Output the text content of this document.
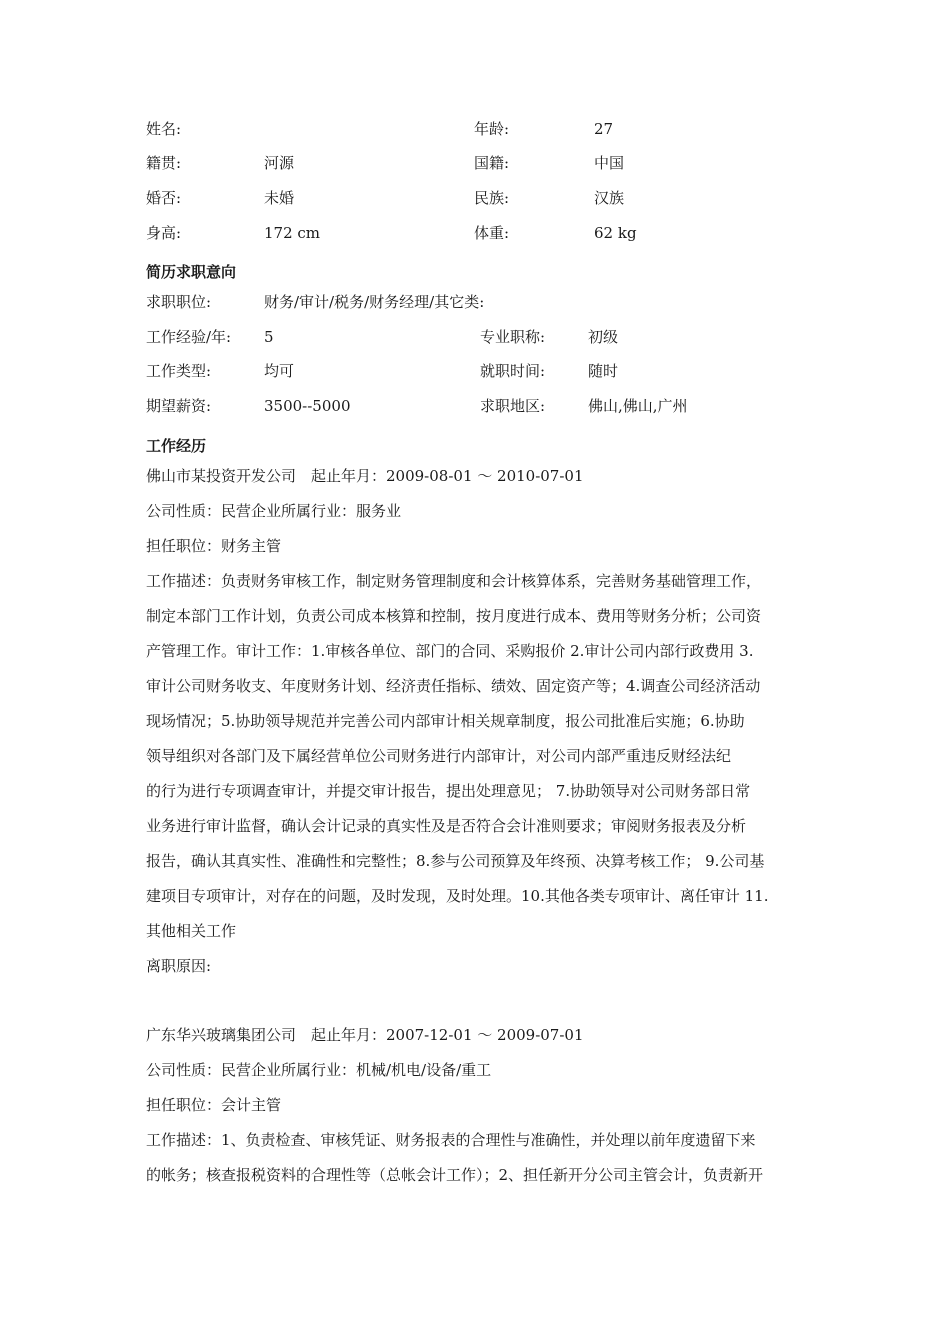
姓名:	年龄:	27
籍贯:	河源	国籍:	中国
婚否:	未婚	民族:	汉族
身高:	172 cm	体重:	62 kg
简历求职意向
求职职位:	财务/审计/税务/财务经理/其它类:
工作经验/年: 5	专业职称:	初级
工作类型:	均可	就职时间:	随时
期望薪资:	3500--5000	求职地区:	佛山,佛山,广州
工作经历
佛山市某投资开发公司　起止年月：2009-08-01 ～ 2010-07-01
公司性质：民营企业所属行业：服务业
担任职位：财务主管
工作描述：负责财务审核工作，制定财务管理制度和会计核算体系，完善财务基础管理工作，
制定本部门工作计划，负责公司成本核算和控制，按月度进行成本、费用等财务分析；公司资
产管理工作。审计工作：1.审核各单位、部门的合同、采购报价 2.审计公司内部行政费用 3.
审计公司财务收支、年度财务计划、经济责任指标、绩效、固定资产等；4.调查公司经济活动
现场情况；5.协助领导规范并完善公司内部审计相关规章制度，报公司批准后实施；6.协助
领导组织对各部门及下属经营单位公司财务进行内部审计，对公司内部严重违反财经法纪
的行为进行专项调查审计，并提交审计报告，提出处理意见； 7.协助领导对公司财务部日常
业务进行审计监督，确认会计记录的真实性及是否符合会计准则要求；审阅财务报表及分析
报告，确认其真实性、准确性和完整性；8.参与公司预算及年终预、决算考核工作； 9.公司基
建项目专项审计，对存在的问题，及时发现，及时处理。10.其他各类专项审计、离任审计 11.
其他相关工作
离职原因:
广东华兴玻璃集团公司　起止年月：2007-12-01 ～ 2009-07-01
公司性质：民营企业所属行业：机械/机电/设备/重工
担任职位：会计主管
工作描述：1、负责检查、审核凭证、财务报表的合理性与准确性，并处理以前年度遗留下来
的帐务；核查报税资料的合理性等（总帐会计工作）；2、担任新开分公司主管会计，负责新开
